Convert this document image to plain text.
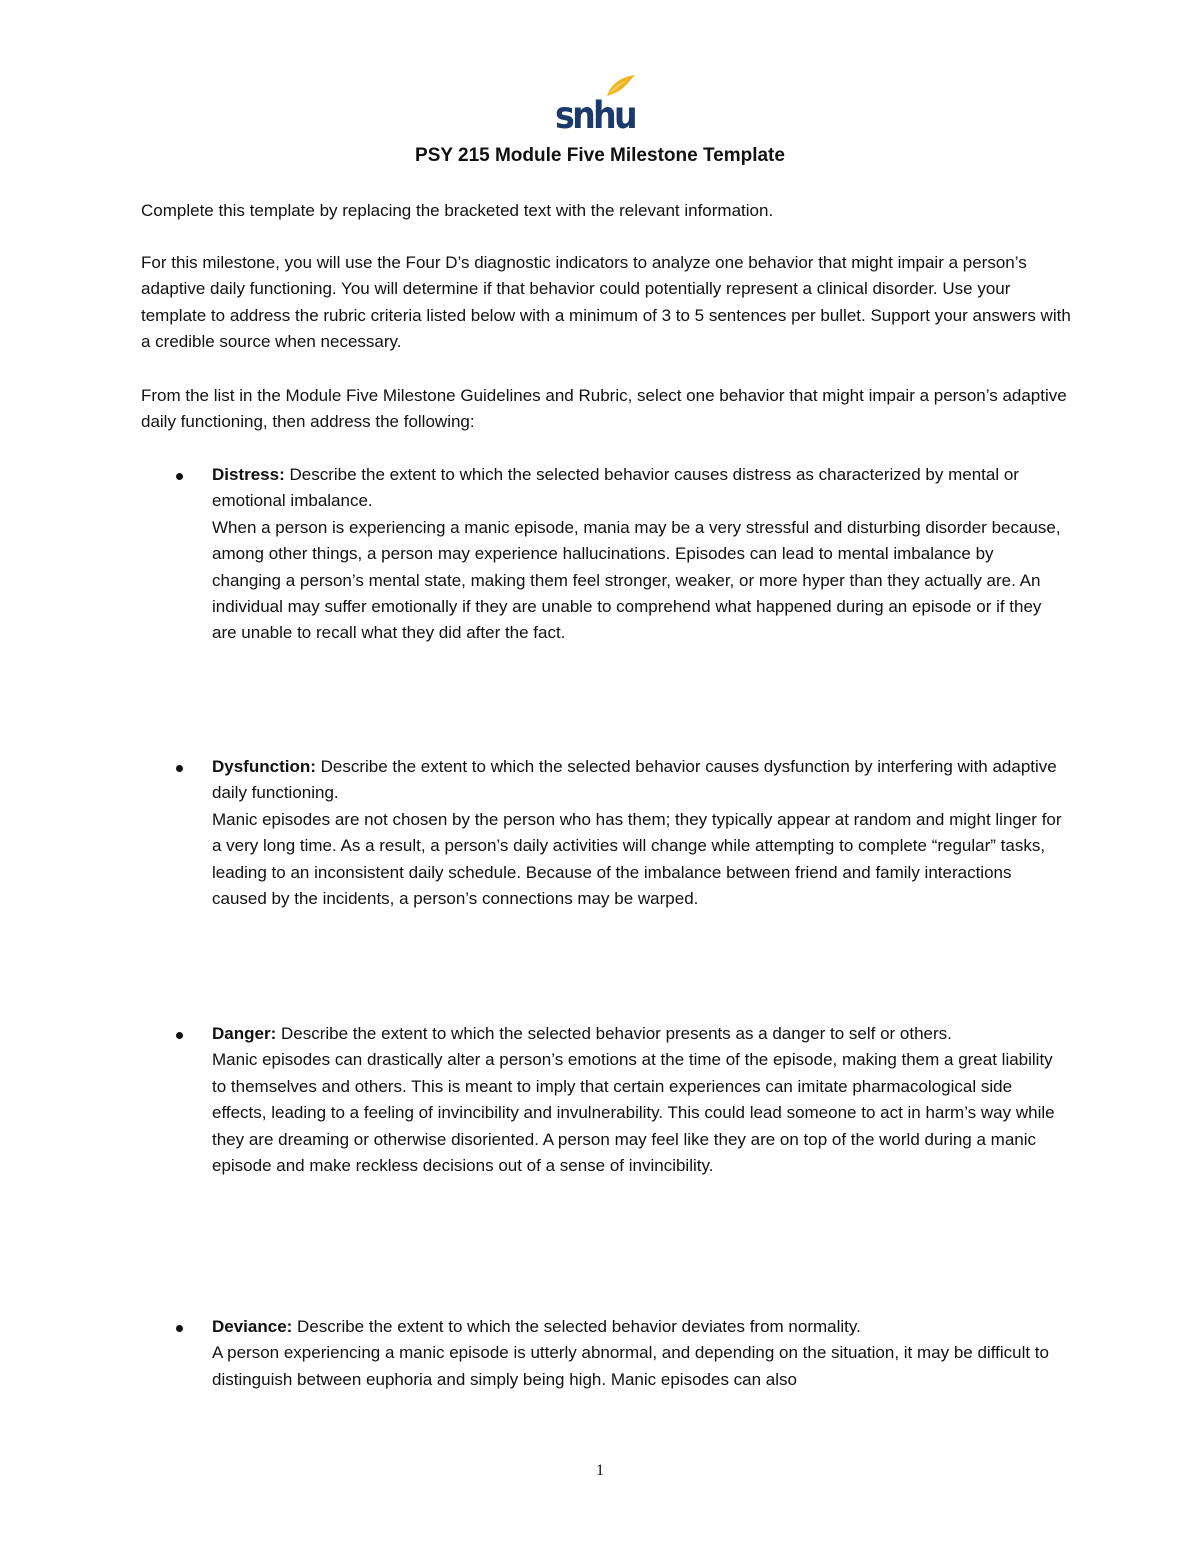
snhu
PSY 215 Module Five Milestone Template

Complete this template by replacing the bracketed text with the relevant information.

For this milestone, you will use the Four D’s diagnostic indicators to analyze one behavior that might impair a person’s adaptive daily functioning. You will determine if that behavior could potentially represent a clinical disorder. Use your template to address the rubric criteria listed below with a minimum of 3 to 5 sentences per bullet. Support your answers with a credible source when necessary.

From the list in the Module Five Milestone Guidelines and Rubric, select one behavior that might impair a person’s adaptive daily functioning, then address the following:

Distress: Describe the extent to which the selected behavior causes distress as characterized by mental or emotional imbalance.
When a person is experiencing a manic episode, mania may be a very stressful and disturbing disorder because, among other things, a person may experience hallucinations. Episodes can lead to mental imbalance by changing a person’s mental state, making them feel stronger, weaker, or more hyper than they actually are. An individual may suffer emotionally if they are unable to comprehend what happened during an episode or if they are unable to recall what they did after the fact.
Dysfunction: Describe the extent to which the selected behavior causes dysfunction by interfering with adaptive daily functioning.
Manic episodes are not chosen by the person who has them; they typically appear at random and might linger for a very long time. As a result, a person’s daily activities will change while attempting to complete “regular” tasks, leading to an inconsistent daily schedule. Because of the imbalance between friend and family interactions caused by the incidents, a person’s connections may be warped.
Danger: Describe the extent to which the selected behavior presents as a danger to self or others.
Manic episodes can drastically alter a person’s emotions at the time of the episode, making them a great liability to themselves and others. This is meant to imply that certain experiences can imitate pharmacological side effects, leading to a feeling of invincibility and invulnerability. This could lead someone to act in harm’s way while they are dreaming or otherwise disoriented. A person may feel like they are on top of the world during a manic episode and make reckless decisions out of a sense of invincibility.
Deviance: Describe the extent to which the selected behavior deviates from normality.
A person experiencing a manic episode is utterly abnormal, and depending on the situation, it may be difficult to distinguish between euphoria and simply being high. Manic episodes can also
1
